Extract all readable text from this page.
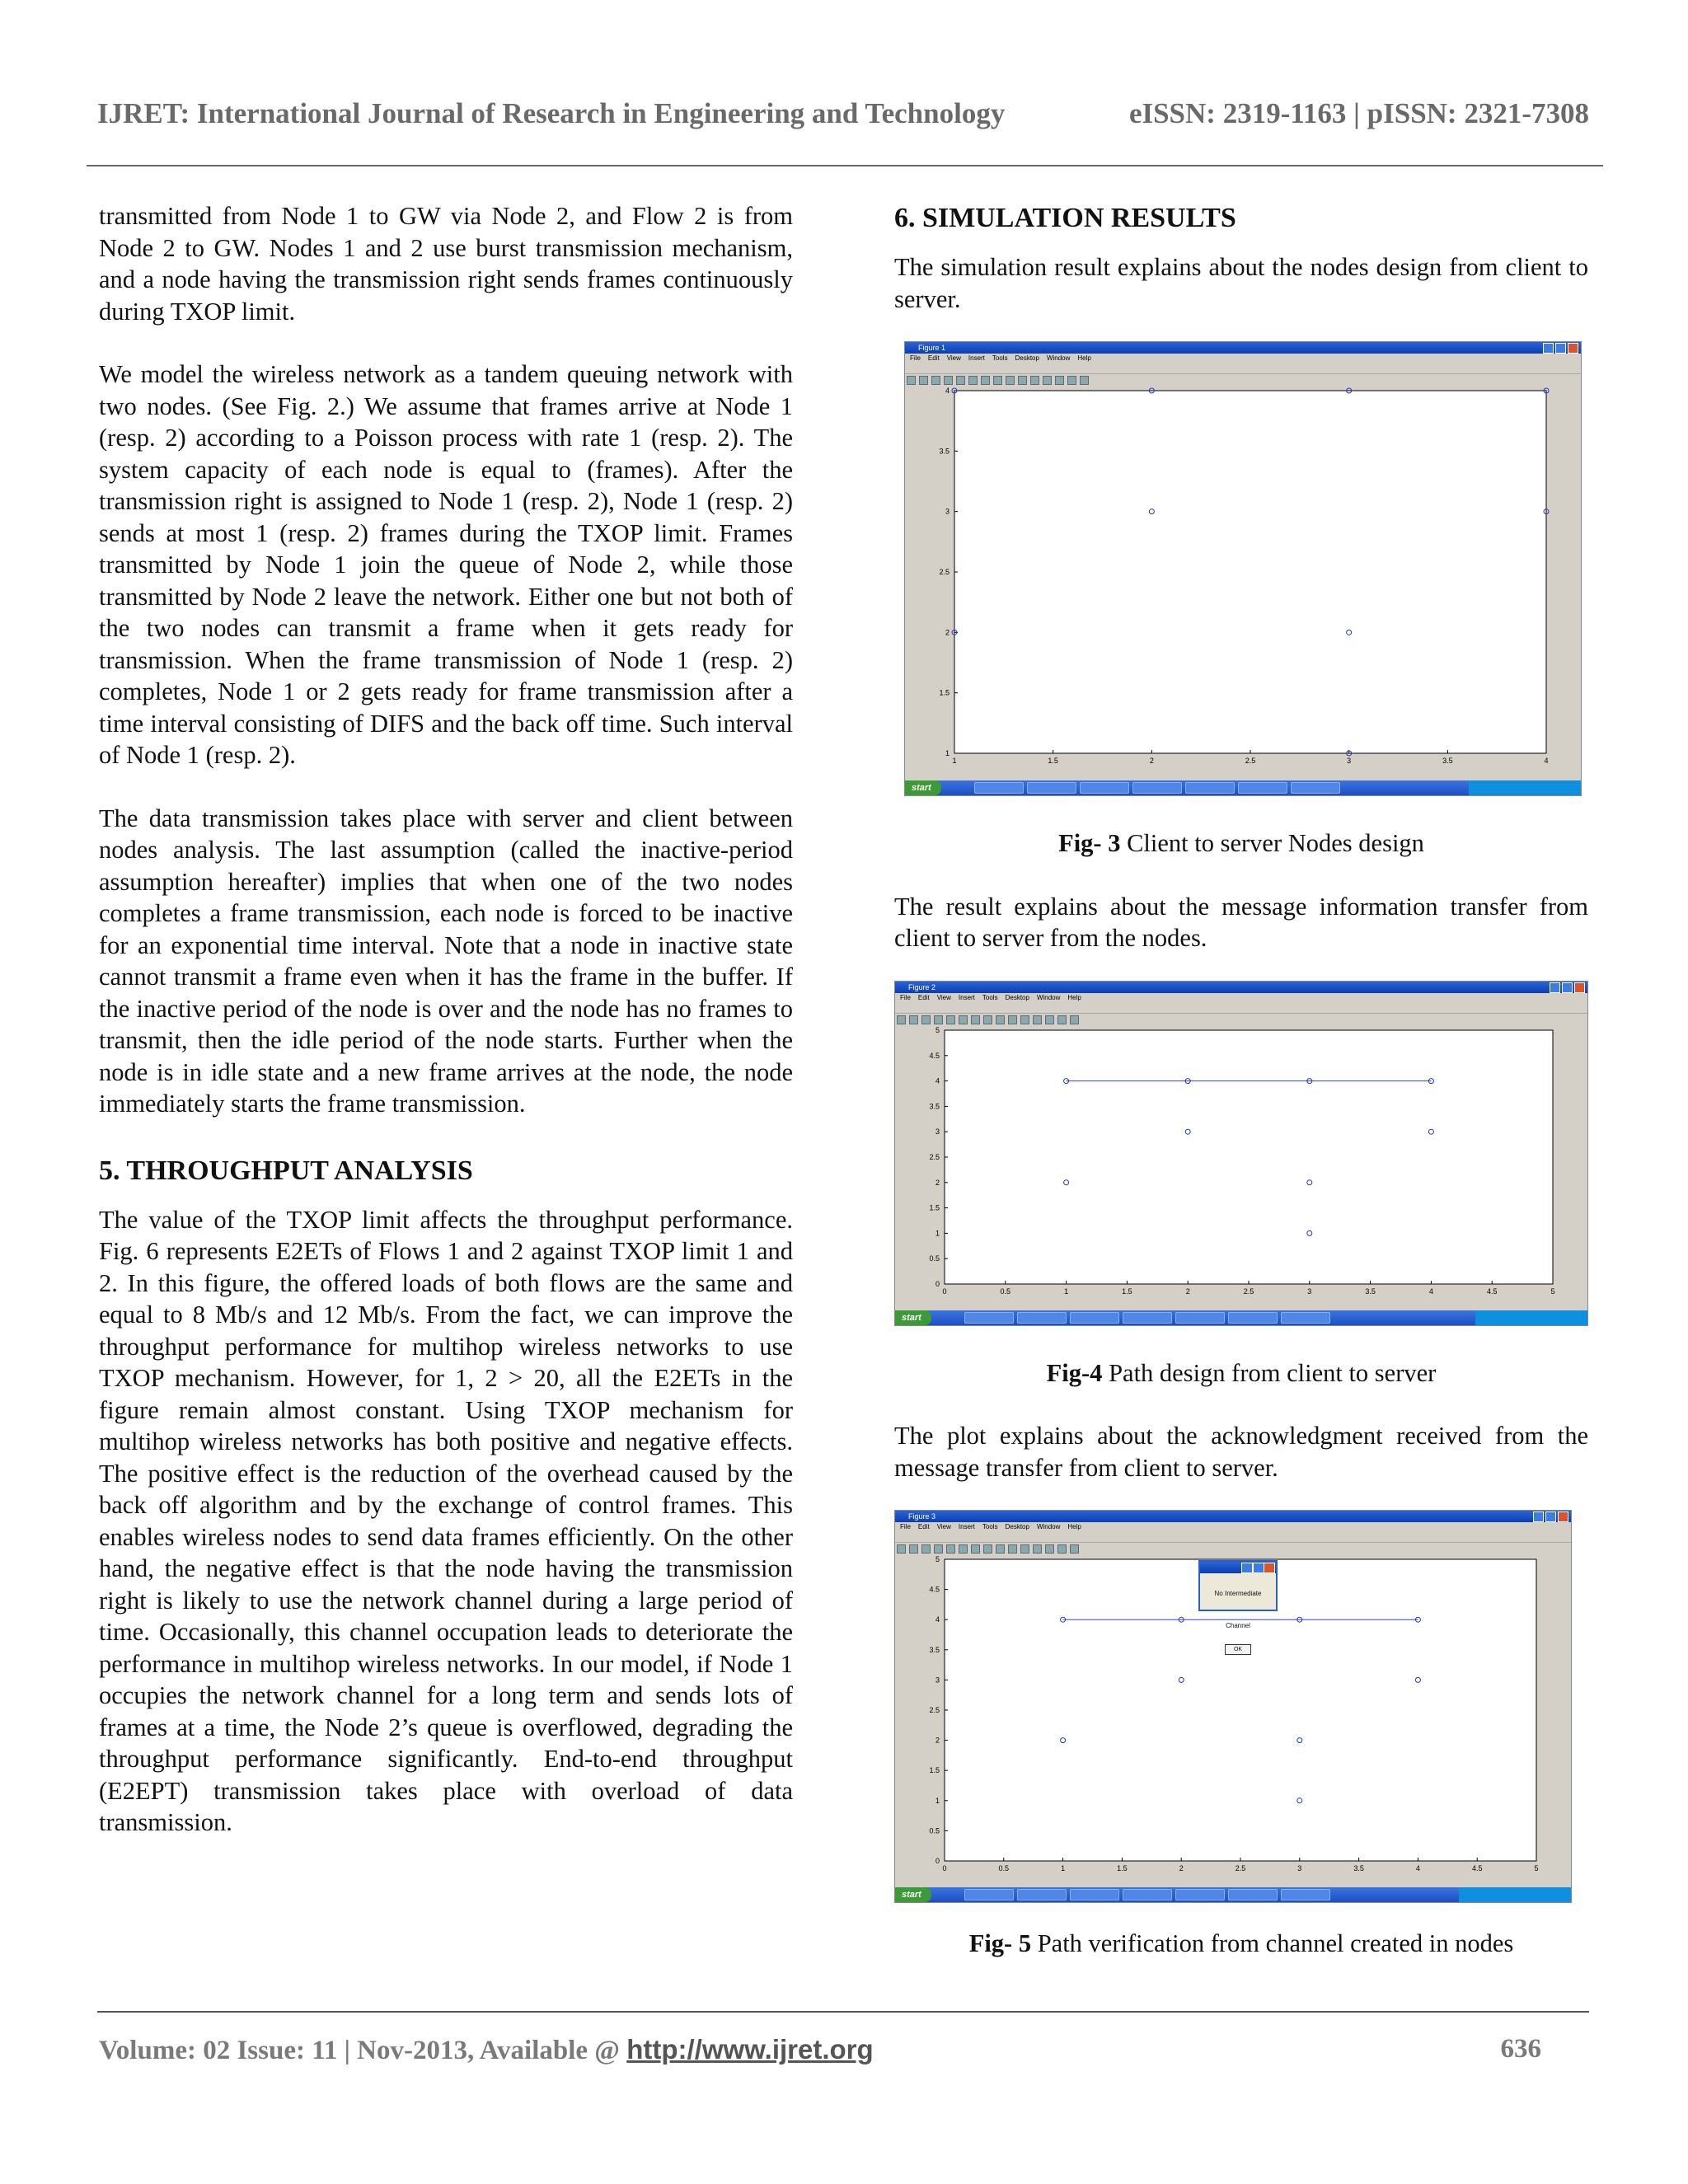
IJRET: International Journal of Research in Engineering and Technology	eISSN: 2319-1163 | pISSN: 2321-7308

transmitted from Node 1 to GW via Node 2, and Flow 2 is from Node 2 to GW. Nodes 1 and 2 use burst transmission mechanism, and a node having the transmission right sends frames continuously during TXOP limit.

We model the wireless network as a tandem queuing network with two nodes. (See Fig. 2.) We assume that frames arrive at Node 1 (resp. 2) according to a Poisson process with rate 1 (resp. 2). The system capacity of each node is equal to (frames). After the transmission right is assigned to Node 1 (resp. 2), Node 1 (resp. 2) sends at most 1 (resp. 2) frames during the TXOP limit. Frames transmitted by Node 1 join the queue of Node 2, while those transmitted by Node 2 leave the network. Either one but not both of the two nodes can transmit a frame when it gets ready for transmission. When the frame transmission of Node 1 (resp. 2) completes, Node 1 or 2 gets ready for frame transmission after a time interval consisting of DIFS and the back off time. Such interval of Node 1 (resp. 2).

The data transmission takes place with server and client between nodes analysis. The last assumption (called the inactive-period assumption hereafter) implies that when one of the two nodes completes a frame transmission, each node is forced to be inactive for an exponential time interval. Note that a node in inactive state cannot transmit a frame even when it has the frame in the buffer. If the inactive period of the node is over and the node has no frames to transmit, then the idle period of the node starts. Further when the node is in idle state and a new frame arrives at the node, the node immediately starts the frame transmission.

5. THROUGHPUT ANALYSIS

The value of the TXOP limit affects the throughput performance. Fig. 6 represents E2ETs of Flows 1 and 2 against TXOP limit 1 and 2. In this figure, the offered loads of both flows are the same and equal to 8 Mb/s and 12 Mb/s. From the fact, we can improve the throughput performance for multihop wireless networks to use TXOP mechanism. However, for 1, 2 > 20, all the E2ETs in the figure remain almost constant. Using TXOP mechanism for multihop wireless networks has both positive and negative effects. The positive effect is the reduction of the overhead caused by the back off algorithm and by the exchange of control frames. This enables wireless nodes to send data frames efficiently. On the other hand, the negative effect is that the node having the transmission right is likely to use the network channel during a large period of time. Occasionally, this channel occupation leads to deteriorate the performance in multihop wireless networks. In our model, if Node 1 occupies the network channel for a long term and sends lots of frames at a time, the Node 2’s queue is overflowed, degrading the throughput performance significantly. End-to-end throughput (E2EPT) transmission takes place with overload of data transmission.

6. SIMULATION RESULTS

The simulation result explains about the nodes design from client to server.

Figure 1
File Edit View Insert Tools Desktop Window Help
1	1.5	2	2.5	3	3.5	4
1
1.5
2
2.5
3
3.5
4
start

Fig- 3 Client to server Nodes design

The result explains about the message information transfer from client to server from the nodes.

Figure 2
File Edit View Insert Tools Desktop Window Help
0	0.5	1	1.5	2	2.5	3	3.5	4	4.5	5
0
0.5
1
1.5
2
2.5
3
3.5
4
4.5
5
start

Fig-4 Path design from client to server

The plot explains about the acknowledgment received from the message transfer from client to server.

Figure 3
File Edit View Insert Tools Desktop Window Help
0	0.5	1	1.5	2	2.5	3	3.5	4	4.5	5
0
0.5
1
1.5
2
2.5
3
3.5
4
4.5
5
No Intermediate Channel
OK
start

Fig- 5 Path verification from channel created in nodes

Volume: 02 Issue: 11 | Nov-2013, Available @ http://www.ijret.org	636
